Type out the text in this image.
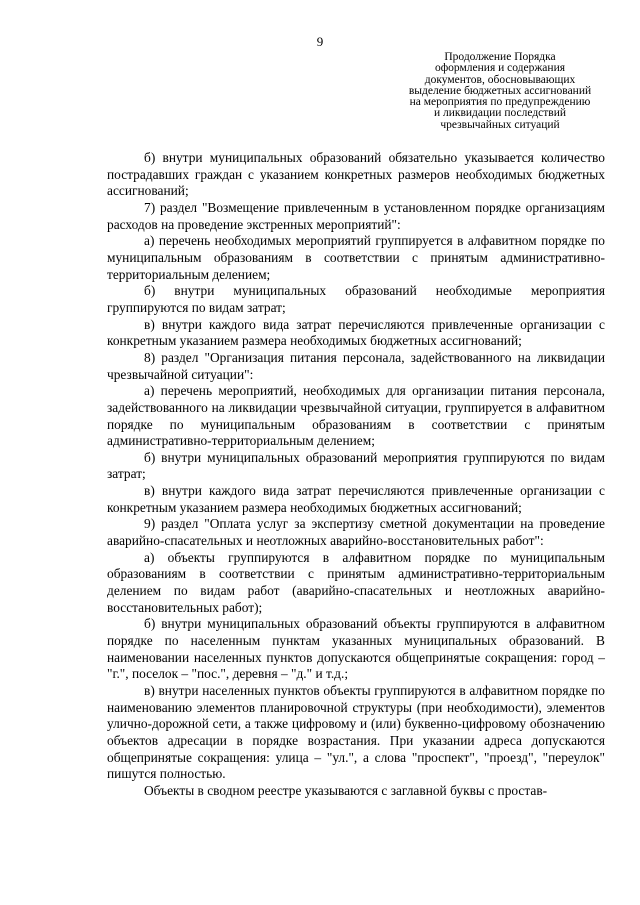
9
Продолжение Порядка
оформления и содержания
документов, обосновывающих
выделение бюджетных ассигнований
на мероприятия по предупреждению
и ликвидации последствий
чрезвычайных ситуаций

б) внутри муниципальных образований обязательно указывается количество пострадавших граждан с указанием конкретных размеров необходимых бюджетных ассигнований;

7) раздел "Возмещение привлеченным в установленном порядке организациям расходов на проведение экстренных мероприятий":

а) перечень необходимых мероприятий группируется в алфавитном порядке по муниципальным образованиям в соответствии с принятым административно-территориальным делением;

б) внутри муниципальных образований необходимые мероприятия группируются по видам затрат;

в) внутри каждого вида затрат перечисляются привлеченные организации с конкретным указанием размера необходимых бюджетных ассигнований;

8) раздел "Организация питания персонала, задействованного на ликвидации чрезвычайной ситуации":

а) перечень мероприятий, необходимых для организации питания персонала, задействованного на ликвидации чрезвычайной ситуации, группируется в алфавитном порядке по муниципальным образованиям в соответствии с принятым административно-территориальным делением;

б) внутри муниципальных образований мероприятия группируются по видам затрат;

в) внутри каждого вида затрат перечисляются привлеченные организации с конкретным указанием размера необходимых бюджетных ассигнований;

9) раздел "Оплата услуг за экспертизу сметной документации на проведение аварийно-спасательных и неотложных аварийно-восстановительных работ":

а) объекты группируются в алфавитном порядке по муниципальным образованиям в соответствии с принятым административно-территориальным делением по видам работ (аварийно-спасательных и неотложных аварийно-восстановительных работ);

б) внутри муниципальных образований объекты группируются в алфавитном порядке по населенным пунктам указанных муниципальных образований. В наименовании населенных пунктов допускаются общепринятые сокращения: город – "г.", поселок – "пос.", деревня – "д." и т.д.;

в) внутри населенных пунктов объекты группируются в алфавитном порядке по наименованию элементов планировочной структуры (при необходимости), элементов улично-дорожной сети, а также цифровому и (или) буквенно-цифровому обозначению объектов адресации в порядке возрастания. При указании адреса допускаются общепринятые сокращения: улица – "ул.", а слова "проспект", "проезд", "переулок" пишутся полностью.

Объекты в сводном реестре указываются с заглавной буквы с простав-
